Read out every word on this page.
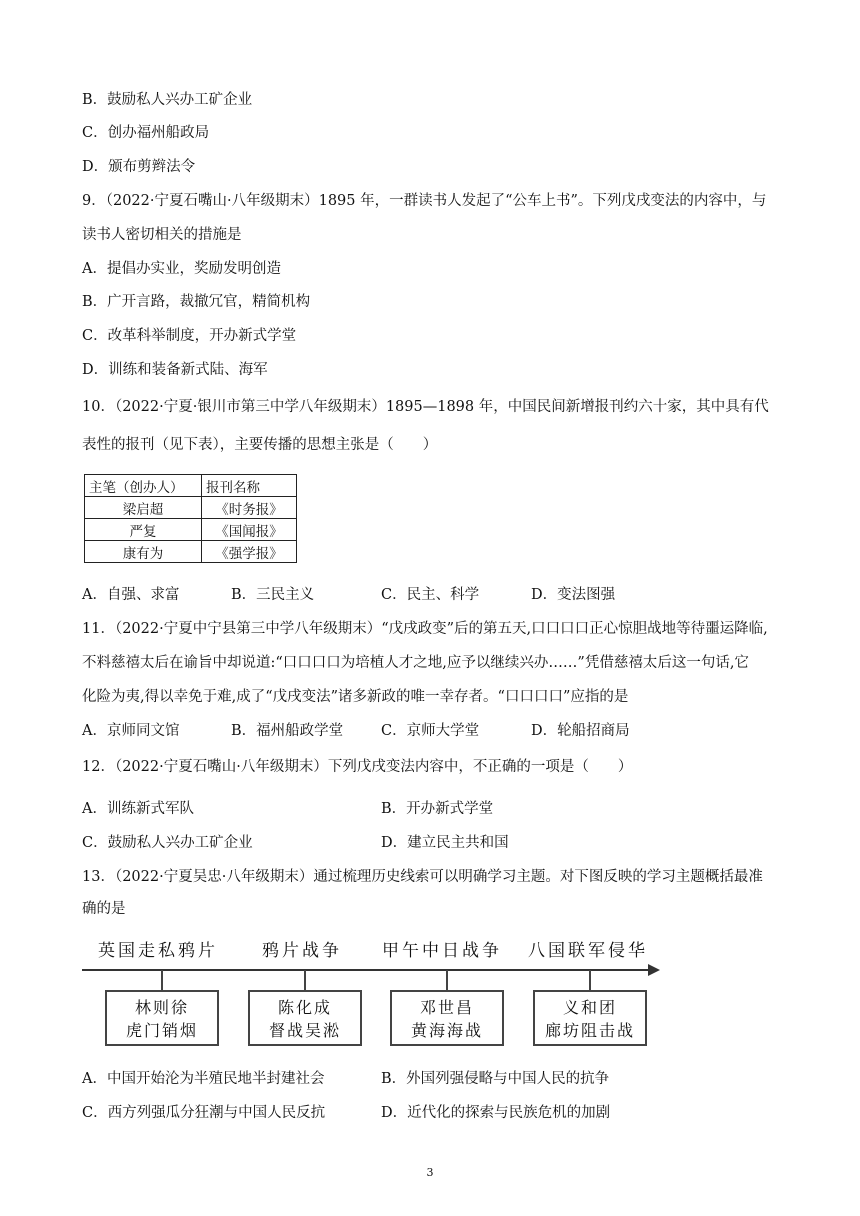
B．鼓励私人兴办工矿企业
C．创办福州船政局
D．颁布剪辫法令
9．（2022·宁夏石嘴山·八年级期末）1895 年，一群读书人发起了“公车上书”。下列戊戌变法的内容中，与
读书人密切相关的措施是
A．提倡办实业，奖励发明创造
B．广开言路，裁撤冗官，精简机构
C．改革科举制度，开办新式学堂
D．训练和装备新式陆、海军
10．（2022·宁夏·银川市第三中学八年级期末）1895—1898 年，中国民间新增报刊约六十家，其中具有代
表性的报刊（见下表），主要传播的思想主张是（　　）
主笔（创办人）	报刊名称
梁启超	《时务报》
严复	《国闻报》
康有为	《强学报》
A．自强、求富	B．三民主义	C．民主、科学	D．变法图强
11．（2022·宁夏中宁县第三中学八年级期末）“戊戌政变”后的第五天,口口口口正心惊胆战地等待噩运降临,
不料慈禧太后在谕旨中却说道:“口口口口为培植人才之地,应予以继续兴办……”凭借慈禧太后这一句话,它
化险为夷,得以幸免于难,成了“戊戌变法”诸多新政的唯一幸存者。“口口口口”应指的是
A．京师同文馆	B．福州船政学堂	C．京师大学堂	D．轮船招商局
12．（2022·宁夏石嘴山·八年级期末）下列戊戌变法内容中，不正确的一项是（　　）
A．训练新式军队	B．开办新式学堂
C．鼓励私人兴办工矿企业	D．建立民主共和国
13．（2022·宁夏吴忠·八年级期末）通过梳理历史线索可以明确学习主题。对下图反映的学习主题概括最准
确的是
英国走私鸦片	鸦片战争 甲午中日战争 八国联军侵华
林则徐
虎门销烟
陈化成
督战吴淞
邓世昌
黄海海战
义和团
廊坊阻击战
A．中国开始沦为半殖民地半封建社会	B．外国列强侵略与中国人民的抗争
C．西方列强瓜分狂潮与中国人民反抗	D．近代化的探索与民族危机的加剧
3
